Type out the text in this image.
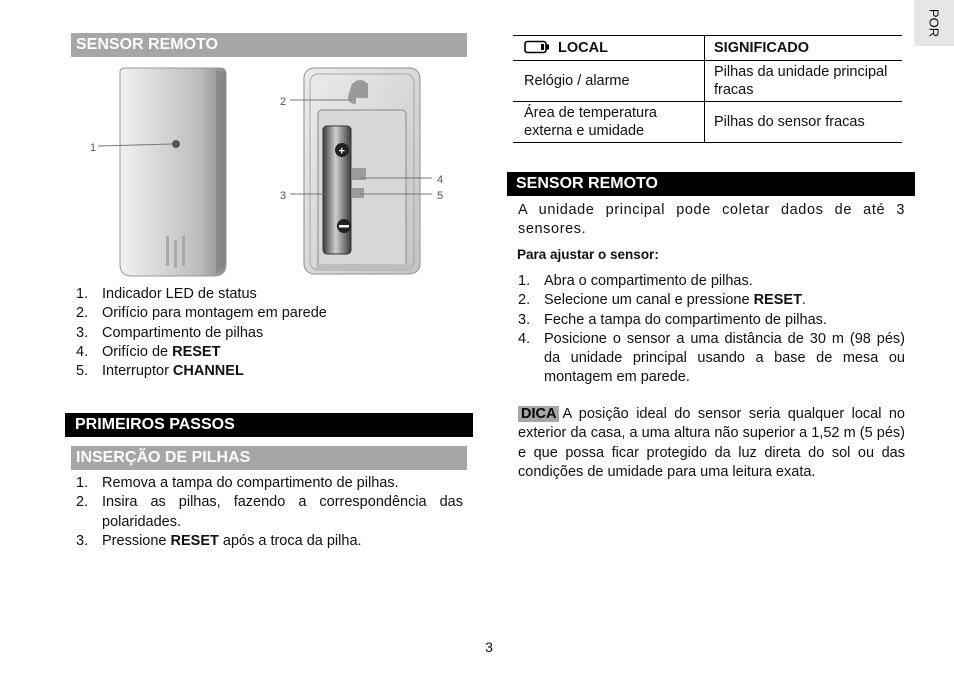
SENSOR REMOTO
1	+
2
3
4
5
1. Indicador LED de status
2. Orifício para montagem em parede
3. Compartimento de pilhas
4. Orifício de RESET
5. Interruptor CHANNEL
PRIMEIROS PASSOS
INSERÇÃO DE PILHAS
1. Remova a tampa do compartimento de pilhas.
2. Insira as pilhas, fazendo a correspondência das polaridades.
3. Pressione RESET após a troca da pilha.
LOCAL	SIGNIFICADO
Relógio / alarme	Pilhas da unidade principal fracas
Área de temperatura externa e umidade	Pilhas do sensor fracas
SENSOR REMOTO
A unidade principal pode coletar dados de até 3 sensores.
Para ajustar o sensor:
1. Abra o compartimento de pilhas.
2. Selecione um canal e pressione RESET.
3. Feche a tampa do compartimento de pilhas.
4. Posicione o sensor a uma distância de 30 m (98 pés) da unidade principal usando a base de mesa ou montagem em parede.
DICA A posição ideal do sensor seria qualquer local no exterior da casa, a uma altura não superior a 1,52 m (5 pés) e que possa ficar protegido da luz direta do sol ou das condições de umidade para uma leitura exata.
POR
3
